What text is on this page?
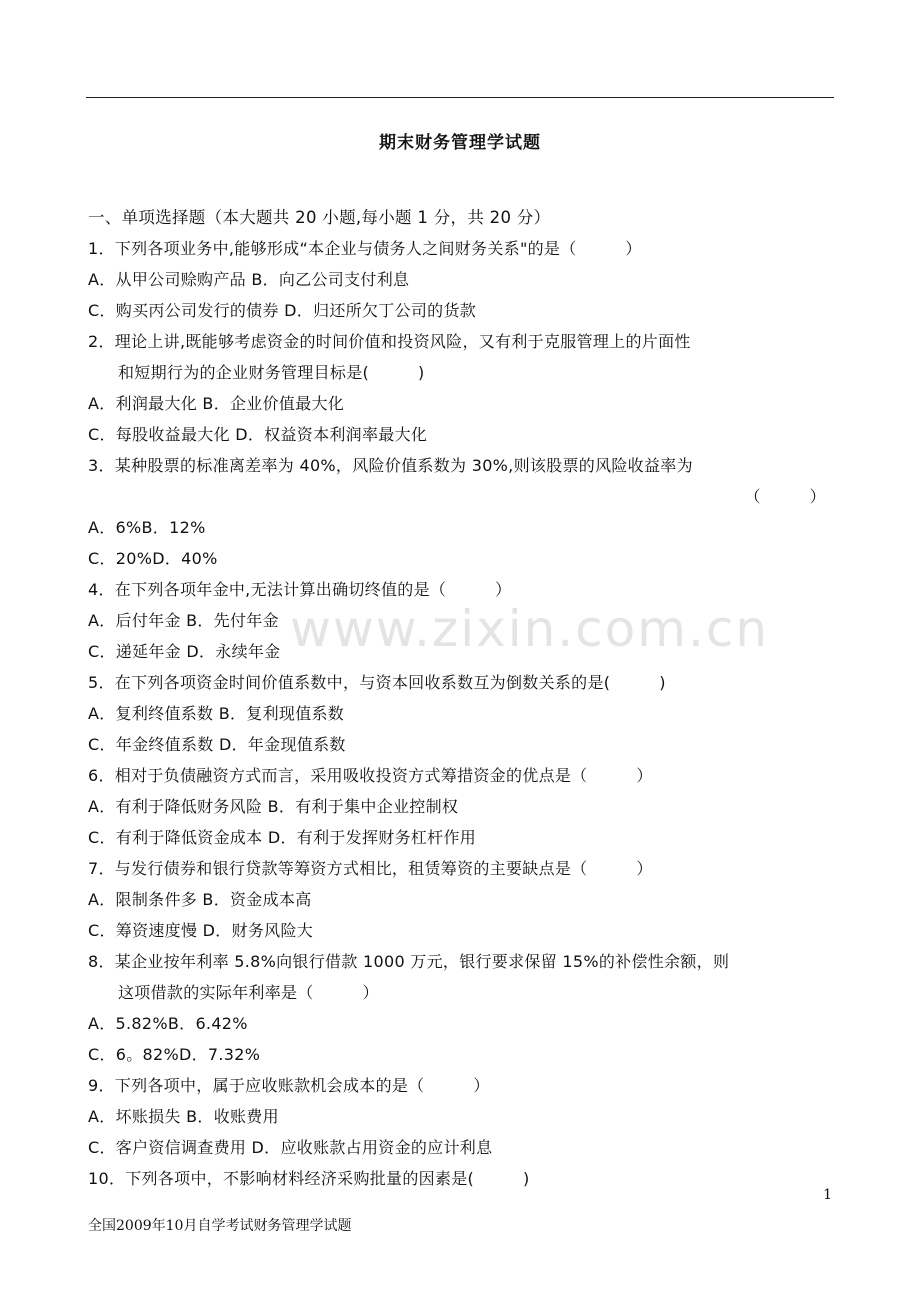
www.zixin.com.cn
期末财务管理学试题
一、单项选择题（本大题共 20 小题,每小题 1 分，共 20 分）
1．下列各项业务中,能够形成“本企业与债务人之间财务关系"的是（　　　）
A．从甲公司赊购产品 B．向乙公司支付利息
C．购买丙公司发行的债券 D．归还所欠丁公司的货款
2．理论上讲,既能够考虑资金的时间价值和投资风险，又有利于克服管理上的片面性
和短期行为的企业财务管理目标是(　　　)
A．利润最大化 B．企业价值最大化
C．每股收益最大化 D．权益资本利润率最大化
3．某种股票的标准离差率为 40%，风险价值系数为 30%,则该股票的风险收益率为
（　　　）
A．6%B．12%
C．20%D．40%
4．在下列各项年金中,无法计算出确切终值的是（　　　）
A．后付年金 B．先付年金
C．递延年金 D．永续年金
5．在下列各项资金时间价值系数中，与资本回收系数互为倒数关系的是(　　　)
A．复利终值系数 B．复利现值系数
C．年金终值系数 D．年金现值系数
6．相对于负债融资方式而言，采用吸收投资方式筹措资金的优点是（　　　）
A．有利于降低财务风险 B．有利于集中企业控制权
C．有利于降低资金成本 D．有利于发挥财务杠杆作用
7．与发行债券和银行贷款等筹资方式相比，租赁筹资的主要缺点是（　　　）
A．限制条件多 B．资金成本高
C．筹资速度慢 D．财务风险大
8．某企业按年利率 5.8%向银行借款 1000 万元，银行要求保留 15%的补偿性余额，则
这项借款的实际年利率是（　　　）
A．5.82%B．6.42%
C．6。82%D．7.32%
9．下列各项中，属于应收账款机会成本的是（　　　）
A．坏账损失 B．收账费用
C．客户资信调查费用 D．应收账款占用资金的应计利息
10．下列各项中，不影响材料经济采购批量的因素是(　　　)
1
全国2009年10月自学考试财务管理学试题
